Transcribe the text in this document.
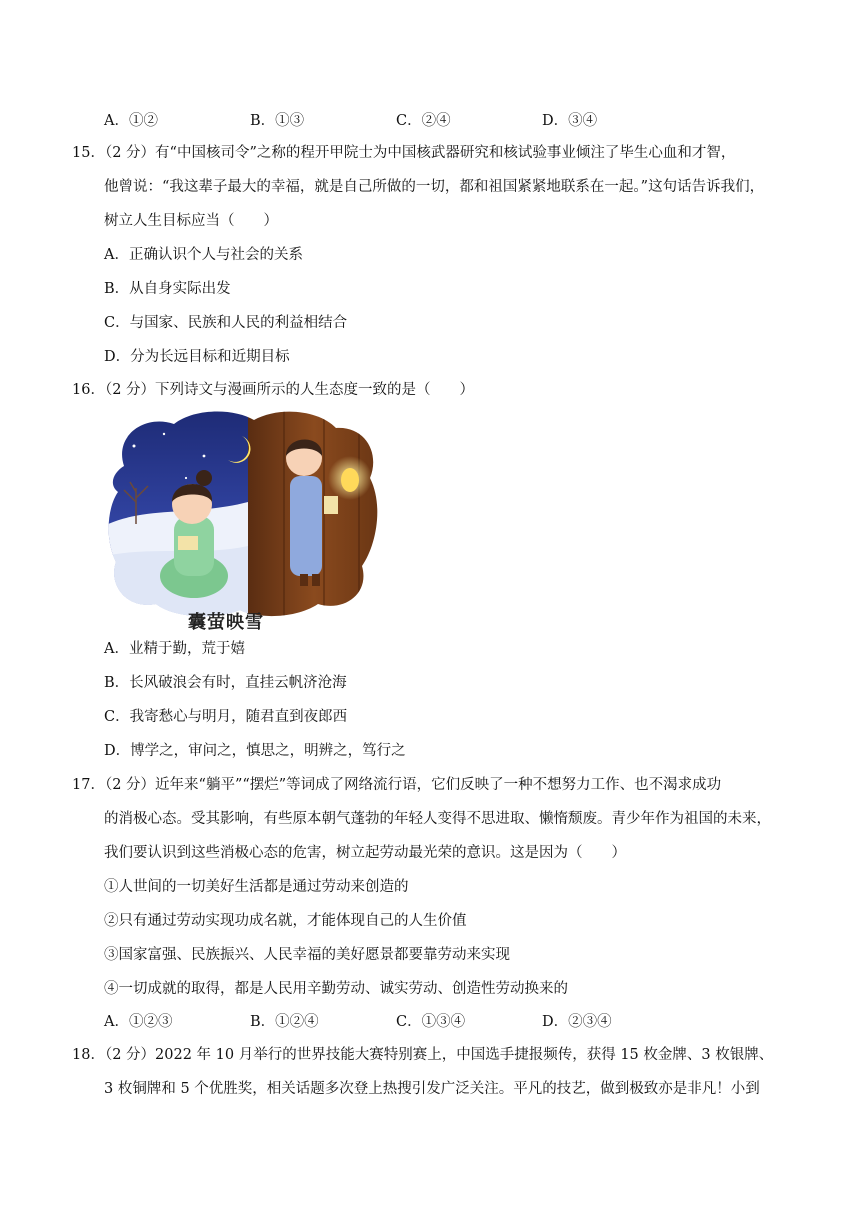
A．①②	B．①③	C．②④	D．③④
15．（2 分）有“中国核司令”之称的程开甲院士为中国核武器研究和核试验事业倾注了毕生心血和才智，
他曾说：“我这辈子最大的幸福，就是自己所做的一切，都和祖国紧紧地联系在一起。”这句话告诉我们，
树立人生目标应当（　　）
A．正确认识个人与社会的关系
B．从自身实际出发
C．与国家、民族和人民的利益相结合
D．分为长远目标和近期目标
16．（2 分）下列诗文与漫画所示的人生态度一致的是（　　）
囊萤映雪
A．业精于勤，荒于嬉
B．长风破浪会有时，直挂云帆济沧海
C．我寄愁心与明月，随君直到夜郎西
D．博学之，审问之，慎思之，明辨之，笃行之
17．（2 分）近年来“躺平”“摆烂”等词成了网络流行语，它们反映了一种不想努力工作、也不渴求成功
的消极心态。受其影响，有些原本朝气蓬勃的年轻人变得不思进取、懒惰颓废。青少年作为祖国的未来，
我们要认识到这些消极心态的危害，树立起劳动最光荣的意识。这是因为（　　）
①人世间的一切美好生活都是通过劳动来创造的
②只有通过劳动实现功成名就，才能体现自己的人生价值
③国家富强、民族振兴、人民幸福的美好愿景都要靠劳动来实现
④一切成就的取得，都是人民用辛勤劳动、诚实劳动、创造性劳动换来的
A．①②③	B．①②④	C．①③④	D．②③④
18．（2 分）2022 年 10 月举行的世界技能大赛特别赛上，中国选手捷报频传，获得 15 枚金牌、3 枚银牌、
3 枚铜牌和 5 个优胜奖，相关话题多次登上热搜引发广泛关注。平凡的技艺，做到极致亦是非凡！小到
